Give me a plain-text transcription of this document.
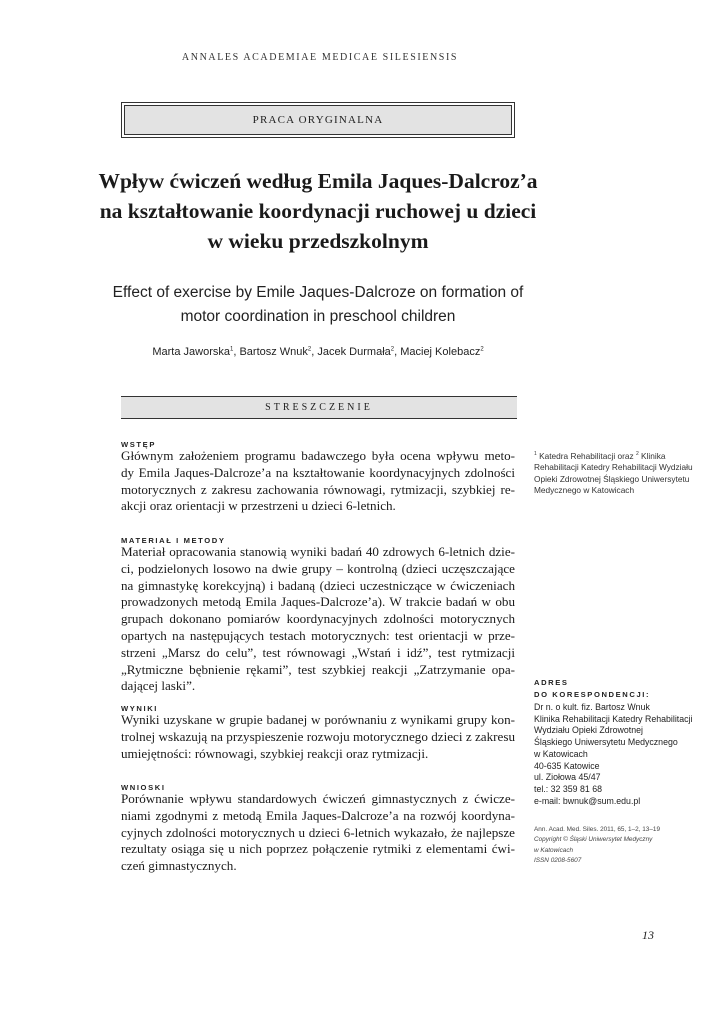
ANNALES ACADEMIAE MEDICAE SILESIENSIS
PRACA ORYGINALNA
Wpływ ćwiczeń według Emila Jaques-Dalcroz’a
na kształtowanie koordynacji ruchowej u dzieci
w wieku przedszkolnym
Effect of exercise by Emile Jaques-Dalcroze on formation of
motor coordination in preschool children
Marta Jaworska$^1$, Bartosz Wnuk$^2$, Jacek Durmała$^2$, Maciej Kolebacz$^2$
STRESZCZENIE
WSTĘP
Głównym założeniem programu badawczego była ocena wpływu meto-
dy Emila Jaques-Dalcroze’a na kształtowanie koordynacyjnych zdolności
motorycznych z zakresu zachowania równowagi, rytmizacji, szybkiej re-
akcji oraz orientacji w przestrzeni u dzieci 6-letnich.
MATERIAŁ I METODY
Materiał opracowania stanowią wyniki badań 40 zdrowych 6-letnich dzie-
ci, podzielonych losowo na dwie grupy – kontrolną (dzieci uczęszczające
na gimnastykę korekcyjną) i badaną (dzieci uczestniczące w ćwiczeniach
prowadzonych metodą Emila Jaques-Dalcroze’a). W trakcie badań w obu
grupach dokonano pomiarów koordynacyjnych zdolności motorycznych
opartych na następujących testach motorycznych: test orientacji w prze-
strzeni „Marsz do celu”, test równowagi „Wstań i idź”, test rytmizacji
„Rytmiczne bębnienie rękami”, test szybkiej reakcji „Zatrzymanie opa-
dającej laski”.
WYNIKI
Wyniki uzyskane w grupie badanej w porównaniu z wynikami grupy kon-
trolnej wskazują na przyspieszenie rozwoju motorycznego dzieci z zakresu
umiejętności: równowagi, szybkiej reakcji oraz rytmizacji.
WNIOSKI
Porównanie wpływu standardowych ćwiczeń gimnastycznych z ćwicze-
niami zgodnymi z metodą Emila Jaques-Dalcroze’a na rozwój koordyna-
cyjnych zdolności motorycznych u dzieci 6-letnich wykazało, że najlepsze
rezultaty osiąga się u nich poprzez połączenie rytmiki z elementami ćwi-
czeń gimnastycznych.
$^1$ Katedra Rehabilitacji oraz $^2$ Klinika
Rehabilitacji Katedry Rehabilitacji Wydziału
Opieki Zdrowotnej Śląskiego Uniwersytetu
Medycznego w Katowicach
ADRES
DO KORESPONDENCJI:
Dr n. o kult. fiz. Bartosz Wnuk
Klinika Rehabilitacji Katedry Rehabilitacji
Wydziału Opieki Zdrowotnej
Śląskiego Uniwersytetu Medycznego
w Katowicach
40-635 Katowice
ul. Ziołowa 45/47
tel.: 32 359 81 68
e-mail: bwnuk@sum.edu.pl
Ann. Acad. Med. Siles. 2011, 65, 1–2, 13–19
Copyright © Śląski Uniwersytet Medyczny
w Katowicach
ISSN 0208-5607
13
